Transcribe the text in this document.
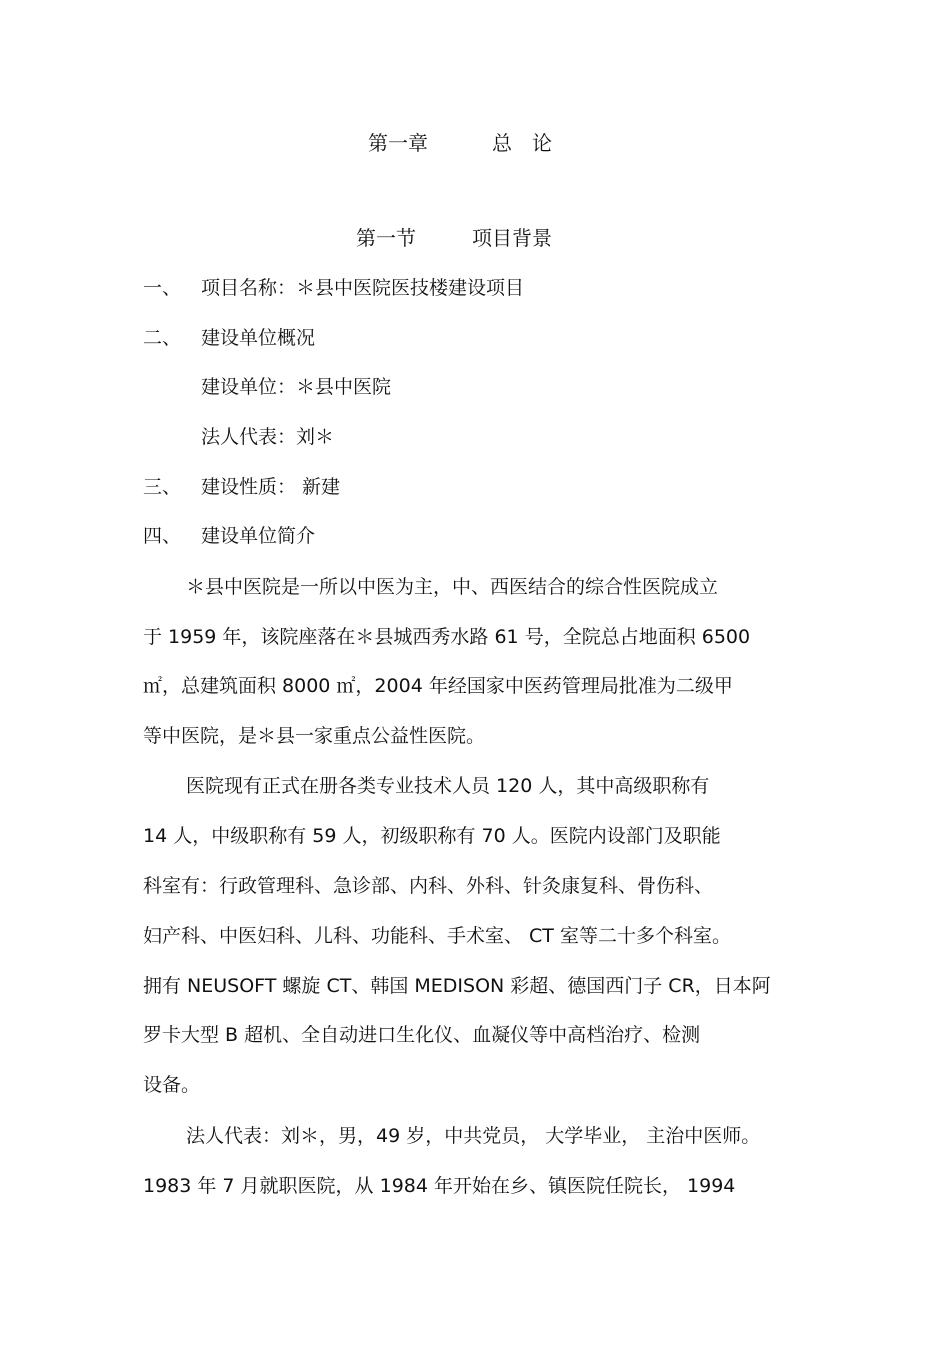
第一章	总　论
第一节	项目背景
一、 项目名称：＊县中医院医技楼建设项目
二、 建设单位概况
建设单位：＊县中医院
法人代表：刘＊
三、 建设性质： 新建
四、 建设单位简介
＊县中医院是一所以中医为主，中、西医结合的综合性医院成立
于 1959 年，该院座落在＊县城西秀水路 61 号，全院总占地面积 6500
㎡，总建筑面积 8000 ㎡，2004 年经国家中医药管理局批准为二级甲
等中医院，是＊县一家重点公益性医院。
医院现有正式在册各类专业技术人员 120 人，其中高级职称有
14 人，中级职称有 59 人，初级职称有 70 人。医院内设部门及职能
科室有：行政管理科、急诊部、内科、外科、针灸康复科、骨伤科、
妇产科、中医妇科、儿科、功能科、手术室、 CT 室等二十多个科室。
拥有 NEUSOFT 螺旋 CT、韩国 MEDISON 彩超、德国西门子 CR，日本阿
罗卡大型 B 超机、全自动进口生化仪、血凝仪等中高档治疗、检测
设备。
法人代表：刘＊，男，49 岁，中共党员， 大学毕业， 主治中医师。
1983 年 7 月就职医院，从 1984 年开始在乡、镇医院任院长， 1994
